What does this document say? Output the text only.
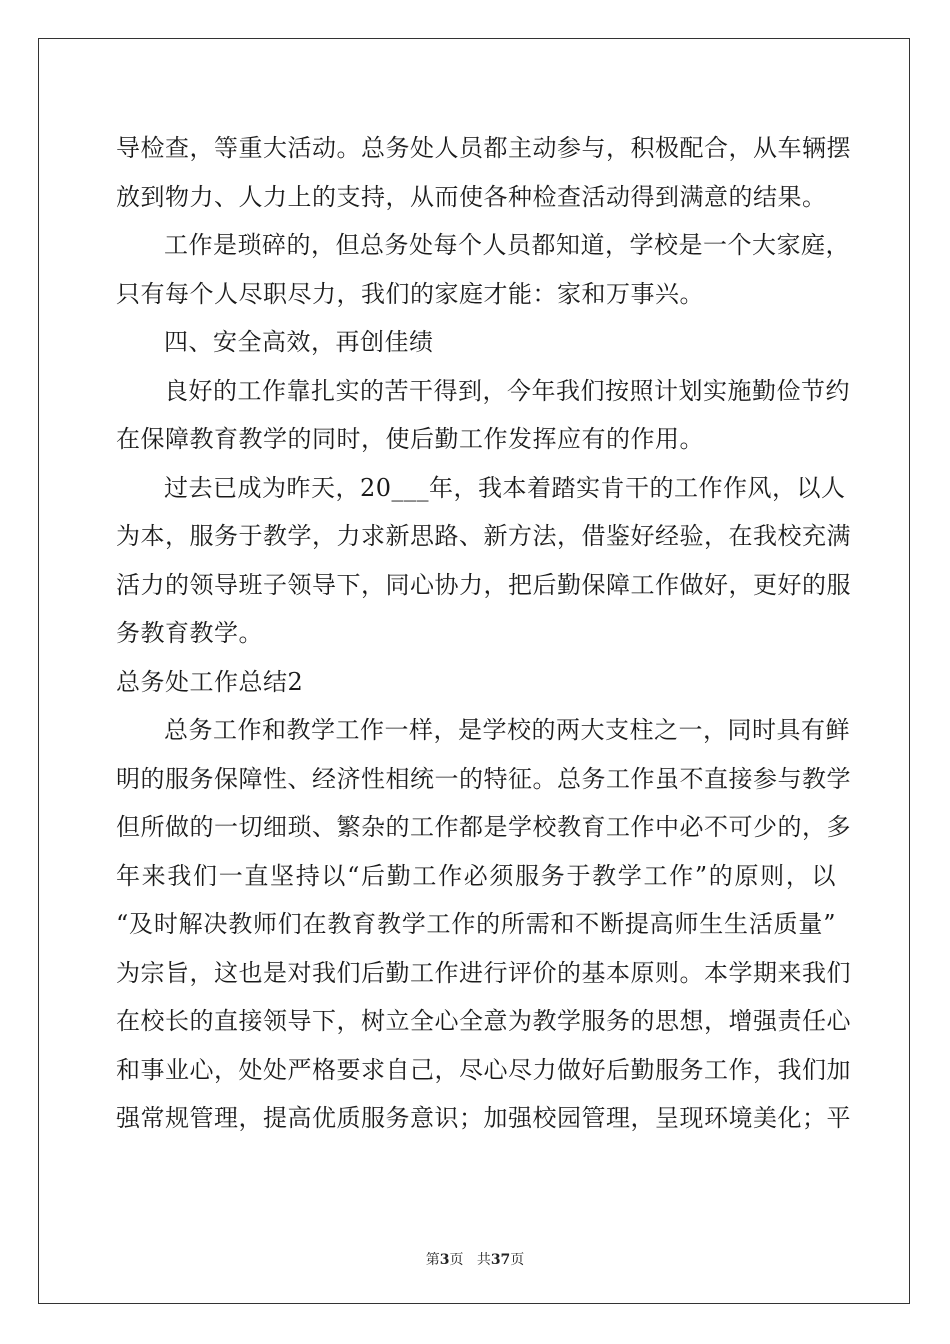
导检查，等重大活动。总务处人员都主动参与，积极配合，从车辆摆
放到物力、人力上的支持，从而使各种检查活动得到满意的结果。
工作是琐碎的，但总务处每个人员都知道，学校是一个大家庭，
只有每个人尽职尽力，我们的家庭才能：家和万事兴。
四、安全高效，再创佳绩
良好的工作靠扎实的苦干得到，今年我们按照计划实施勤俭节约
在保障教育教学的同时，使后勤工作发挥应有的作用。
过去已成为昨天，20___年，我本着踏实肯干的工作作风，以人
为本，服务于教学，力求新思路、新方法，借鉴好经验，在我校充满
活力的领导班子领导下，同心协力，把后勤保障工作做好，更好的服
务教育教学。
总务处工作总结2
总务工作和教学工作一样，是学校的两大支柱之一，同时具有鲜
明的服务保障性、经济性相统一的特征。总务工作虽不直接参与教学
但所做的一切细琐、繁杂的工作都是学校教育工作中必不可少的，多
年来我们一直坚持以“后勤工作必须服务于教学工作”的原则，以
“及时解决教师们在教育教学工作的所需和不断提高师生生活质量”
为宗旨，这也是对我们后勤工作进行评价的基本原则。本学期来我们
在校长的直接领导下，树立全心全意为教学服务的思想，增强责任心
和事业心，处处严格要求自己，尽心尽力做好后勤服务工作，我们加
强常规管理，提高优质服务意识；加强校园管理，呈现环境美化；平
第3页 共37页
